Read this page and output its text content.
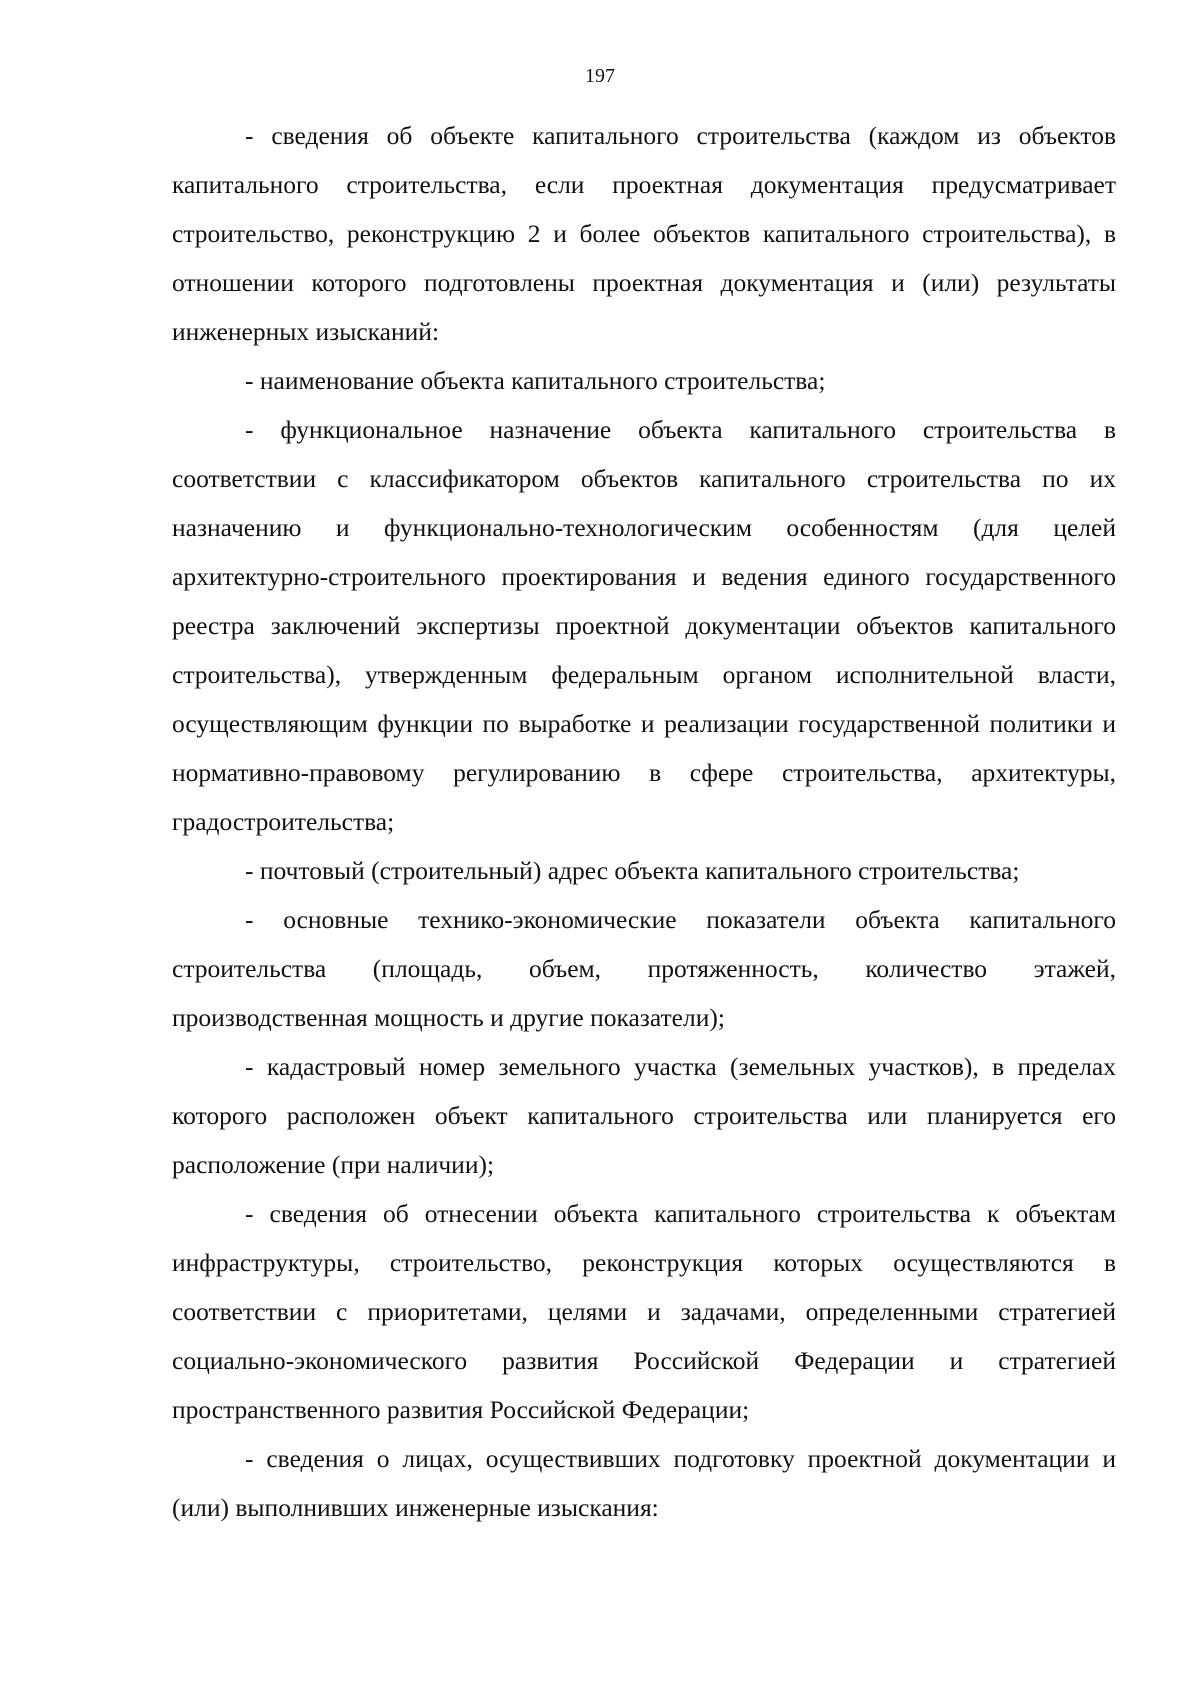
197

- сведения об объекте капитального строительства (каждом из объектов капитального строительства, если проектная документация предусматривает строительство, реконструкцию 2 и более объектов капитального строительства), в отношении которого подготовлены проектная документация и (или) результаты инженерных изысканий:

- наименование объекта капитального строительства;

- функциональное назначение объекта капитального строительства в соответствии с классификатором объектов капитального строительства по их назначению и функционально-технологическим особенностям (для целей архитектурно-строительного проектирования и ведения единого государственного реестра заключений экспертизы проектной документации объектов капитального строительства), утвержденным федеральным органом исполнительной власти, осуществляющим функции по выработке и реализации государственной политики и нормативно-правовому регулированию в сфере строительства, архитектуры, градостроительства;

- почтовый (строительный) адрес объекта капитального строительства;

- основные технико-экономические показатели объекта капитального строительства (площадь, объем, протяженность, количество этажей, производственная мощность и другие показатели);

- кадастровый номер земельного участка (земельных участков), в пределах которого расположен объект капитального строительства или планируется его расположение (при наличии);

- сведения об отнесении объекта капитального строительства к объектам инфраструктуры, строительство, реконструкция которых осуществляются в соответствии с приоритетами, целями и задачами, определенными стратегией социально-экономического развития Российской Федерации и стратегией пространственного развития Российской Федерации;

- сведения о лицах, осуществивших подготовку проектной документации и (или) выполнивших инженерные изыскания:
